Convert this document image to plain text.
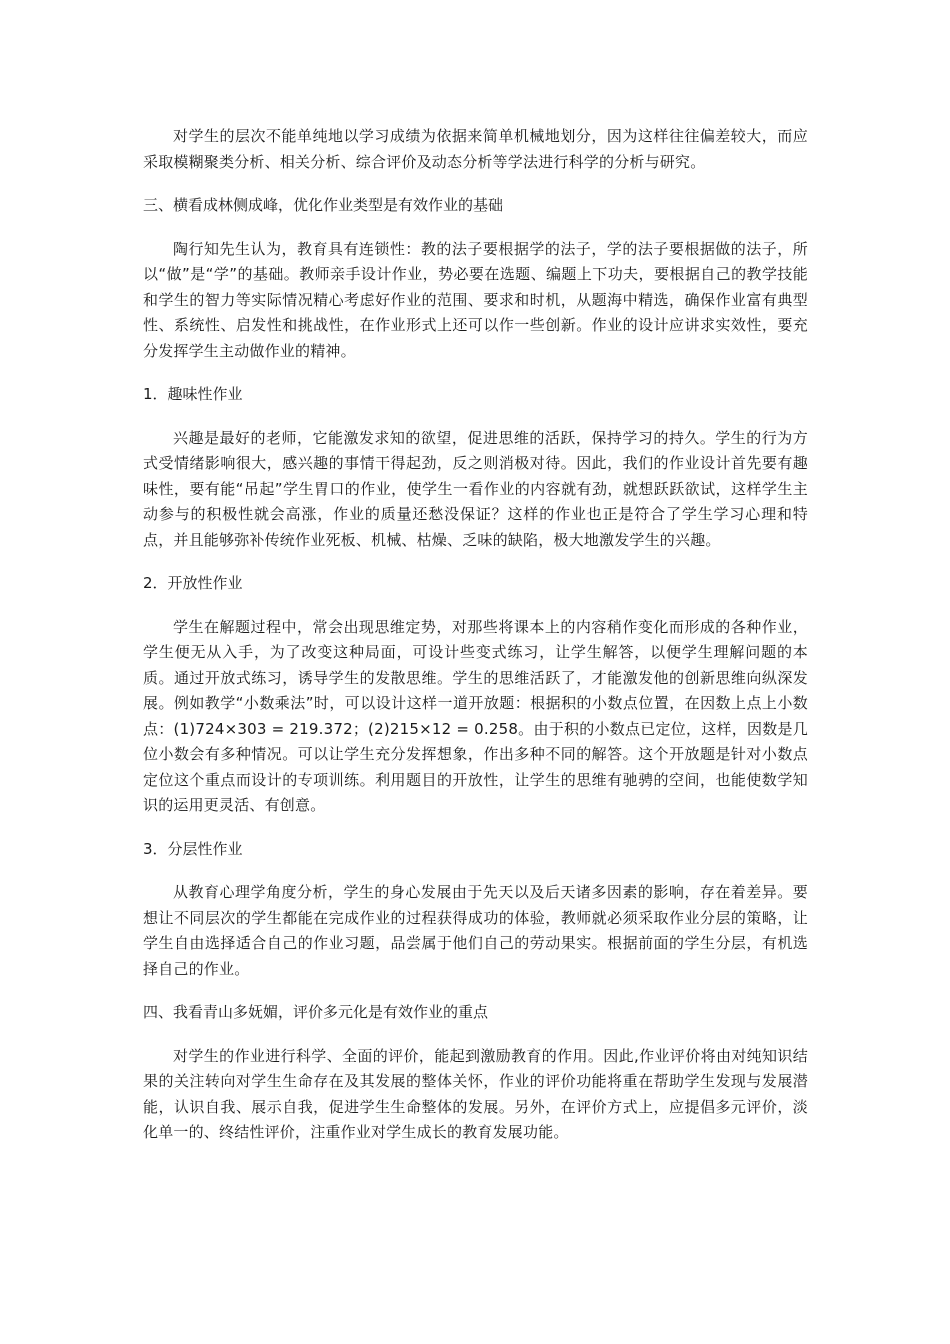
对学生的层次不能单纯地以学习成绩为依据来简单机械地划分，因为这样往往偏差较大，而应采取模糊聚类分析、相关分析、综合评价及动态分析等学法进行科学的分析与研究。

三、横看成林侧成峰，优化作业类型是有效作业的基础

陶行知先生认为，教育具有连锁性：教的法子要根据学的法子，学的法子要根据做的法子，所以“做”是“学”的基础。教师亲手设计作业，势必要在选题、编题上下功夫，要根据自己的教学技能和学生的智力等实际情况精心考虑好作业的范围、要求和时机，从题海中精选，确保作业富有典型性、系统性、启发性和挑战性，在作业形式上还可以作一些创新。作业的设计应讲求实效性，要充分发挥学生主动做作业的精神。

1．趣味性作业

兴趣是最好的老师，它能激发求知的欲望，促进思维的活跃，保持学习的持久。学生的行为方式受情绪影响很大，感兴趣的事情干得起劲，反之则消极对待。因此，我们的作业设计首先要有趣味性，要有能“吊起”学生胃口的作业，使学生一看作业的内容就有劲，就想跃跃欲试，这样学生主动参与的积极性就会高涨，作业的质量还愁没保证？这样的作业也正是符合了学生学习心理和特点，并且能够弥补传统作业死板、机械、枯燥、乏味的缺陷，极大地激发学生的兴趣。

2．开放性作业

学生在解题过程中，常会出现思维定势，对那些将课本上的内容稍作变化而形成的各种作业，学生便无从入手，为了改变这种局面，可设计些变式练习，让学生解答，以便学生理解问题的本质。通过开放式练习，诱导学生的发散思维。学生的思维活跃了，才能激发他的创新思维向纵深发展。例如教学“小数乘法”时，可以设计这样一道开放题：根据积的小数点位置，在因数上点上小数点：(1)724×303 = 219.372；(2)215×12 = 0.258。由于积的小数点已定位，这样，因数是几位小数会有多种情况。可以让学生充分发挥想象，作出多种不同的解答。这个开放题是针对小数点定位这个重点而设计的专项训练。利用题目的开放性，让学生的思维有驰骋的空间，也能使数学知识的运用更灵活、有创意。

3．分层性作业

从教育心理学角度分析，学生的身心发展由于先天以及后天诸多因素的影响，存在着差异。要想让不同层次的学生都能在完成作业的过程获得成功的体验，教师就必须采取作业分层的策略，让学生自由选择适合自己的作业习题，品尝属于他们自己的劳动果实。根据前面的学生分层，有机选择自己的作业。

四、我看青山多妩媚，评价多元化是有效作业的重点

对学生的作业进行科学、全面的评价，能起到激励教育的作用。因此,作业评价将由对纯知识结果的关注转向对学生生命存在及其发展的整体关怀，作业的评价功能将重在帮助学生发现与发展潜能，认识自我、展示自我，促进学生生命整体的发展。另外，在评价方式上，应提倡多元评价，淡化单一的、终结性评价，注重作业对学生成长的教育发展功能。
